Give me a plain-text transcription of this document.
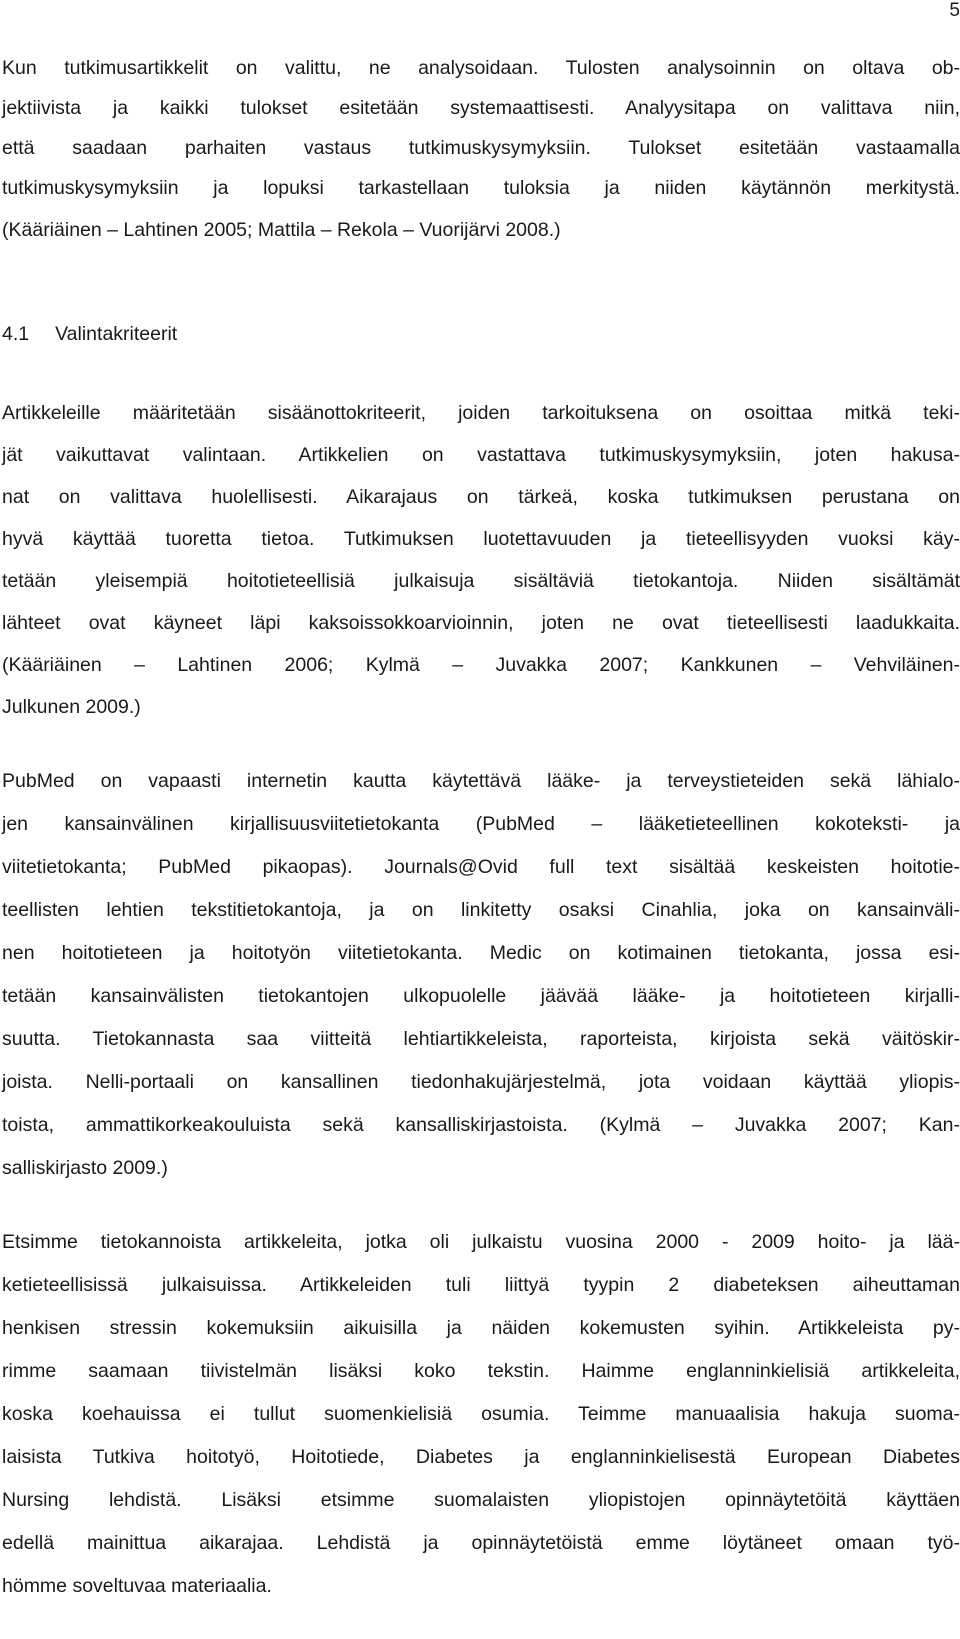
5
Kun tutkimusartikkelit on valittu, ne analysoidaan. Tulosten analysoinnin on oltava ob-
jektiivista ja kaikki tulokset esitetään systemaattisesti. Analyysitapa on valittava niin,
että saadaan parhaiten vastaus tutkimuskysymyksiin. Tulokset esitetään vastaamalla
tutkimuskysymyksiin ja lopuksi tarkastellaan tuloksia ja niiden käytännön merkitystä.
(Kääriäinen – Lahtinen 2005; Mattila – Rekola – Vuorijärvi 2008.)
4.1 Valintakriteerit
Artikkeleille määritetään sisäänottokriteerit, joiden tarkoituksena on osoittaa mitkä teki-
jät vaikuttavat valintaan. Artikkelien on vastattava tutkimuskysymyksiin, joten hakusa-
nat on valittava huolellisesti. Aikarajaus on tärkeä, koska tutkimuksen perustana on
hyvä käyttää tuoretta tietoa. Tutkimuksen luotettavuuden ja tieteellisyyden vuoksi käy-
tetään yleisempiä hoitotieteellisiä julkaisuja sisältäviä tietokantoja. Niiden sisältämät
lähteet ovat käyneet läpi kaksoissokkoarvioinnin, joten ne ovat tieteellisesti laadukkaita.
(Kääriäinen – Lahtinen 2006; Kylmä – Juvakka 2007; Kankkunen – Vehviläinen-
Julkunen 2009.)
PubMed on vapaasti internetin kautta käytettävä lääke- ja terveystieteiden sekä lähialo-
jen kansainvälinen kirjallisuusviitetietokanta (PubMed – lääketieteellinen kokoteksti- ja
viitetietokanta; PubMed pikaopas). Journals@Ovid full text sisältää keskeisten hoitotie-
teellisten lehtien tekstitietokantoja, ja on linkitetty osaksi Cinahlia, joka on kansainväli-
nen hoitotieteen ja hoitotyön viitetietokanta. Medic on kotimainen tietokanta, jossa esi-
tetään kansainvälisten tietokantojen ulkopuolelle jäävää lääke- ja hoitotieteen kirjalli-
suutta. Tietokannasta saa viitteitä lehtiartikkeleista, raporteista, kirjoista sekä väitöskir-
joista. Nelli-portaali on kansallinen tiedonhakujärjestelmä, jota voidaan käyttää yliopis-
toista, ammattikorkeakouluista sekä kansalliskirjastoista. (Kylmä – Juvakka 2007; Kan-
salliskirjasto 2009.)
Etsimme tietokannoista artikkeleita, jotka oli julkaistu vuosina 2000 - 2009 hoito- ja lää-
ketieteellisissä julkaisuissa. Artikkeleiden tuli liittyä tyypin 2 diabeteksen aiheuttaman
henkisen stressin kokemuksiin aikuisilla ja näiden kokemusten syihin. Artikkeleista py-
rimme saamaan tiivistelmän lisäksi koko tekstin. Haimme englanninkielisiä artikkeleita,
koska koehauissa ei tullut suomenkielisiä osumia. Teimme manuaalisia hakuja suoma-
laisista Tutkiva hoitotyö, Hoitotiede, Diabetes ja englanninkielisestä European Diabetes
Nursing lehdistä. Lisäksi etsimme suomalaisten yliopistojen opinnäytetöitä käyttäen
edellä mainittua aikarajaa. Lehdistä ja opinnäytetöistä emme löytäneet omaan työ-
hömme soveltuvaa materiaalia.
